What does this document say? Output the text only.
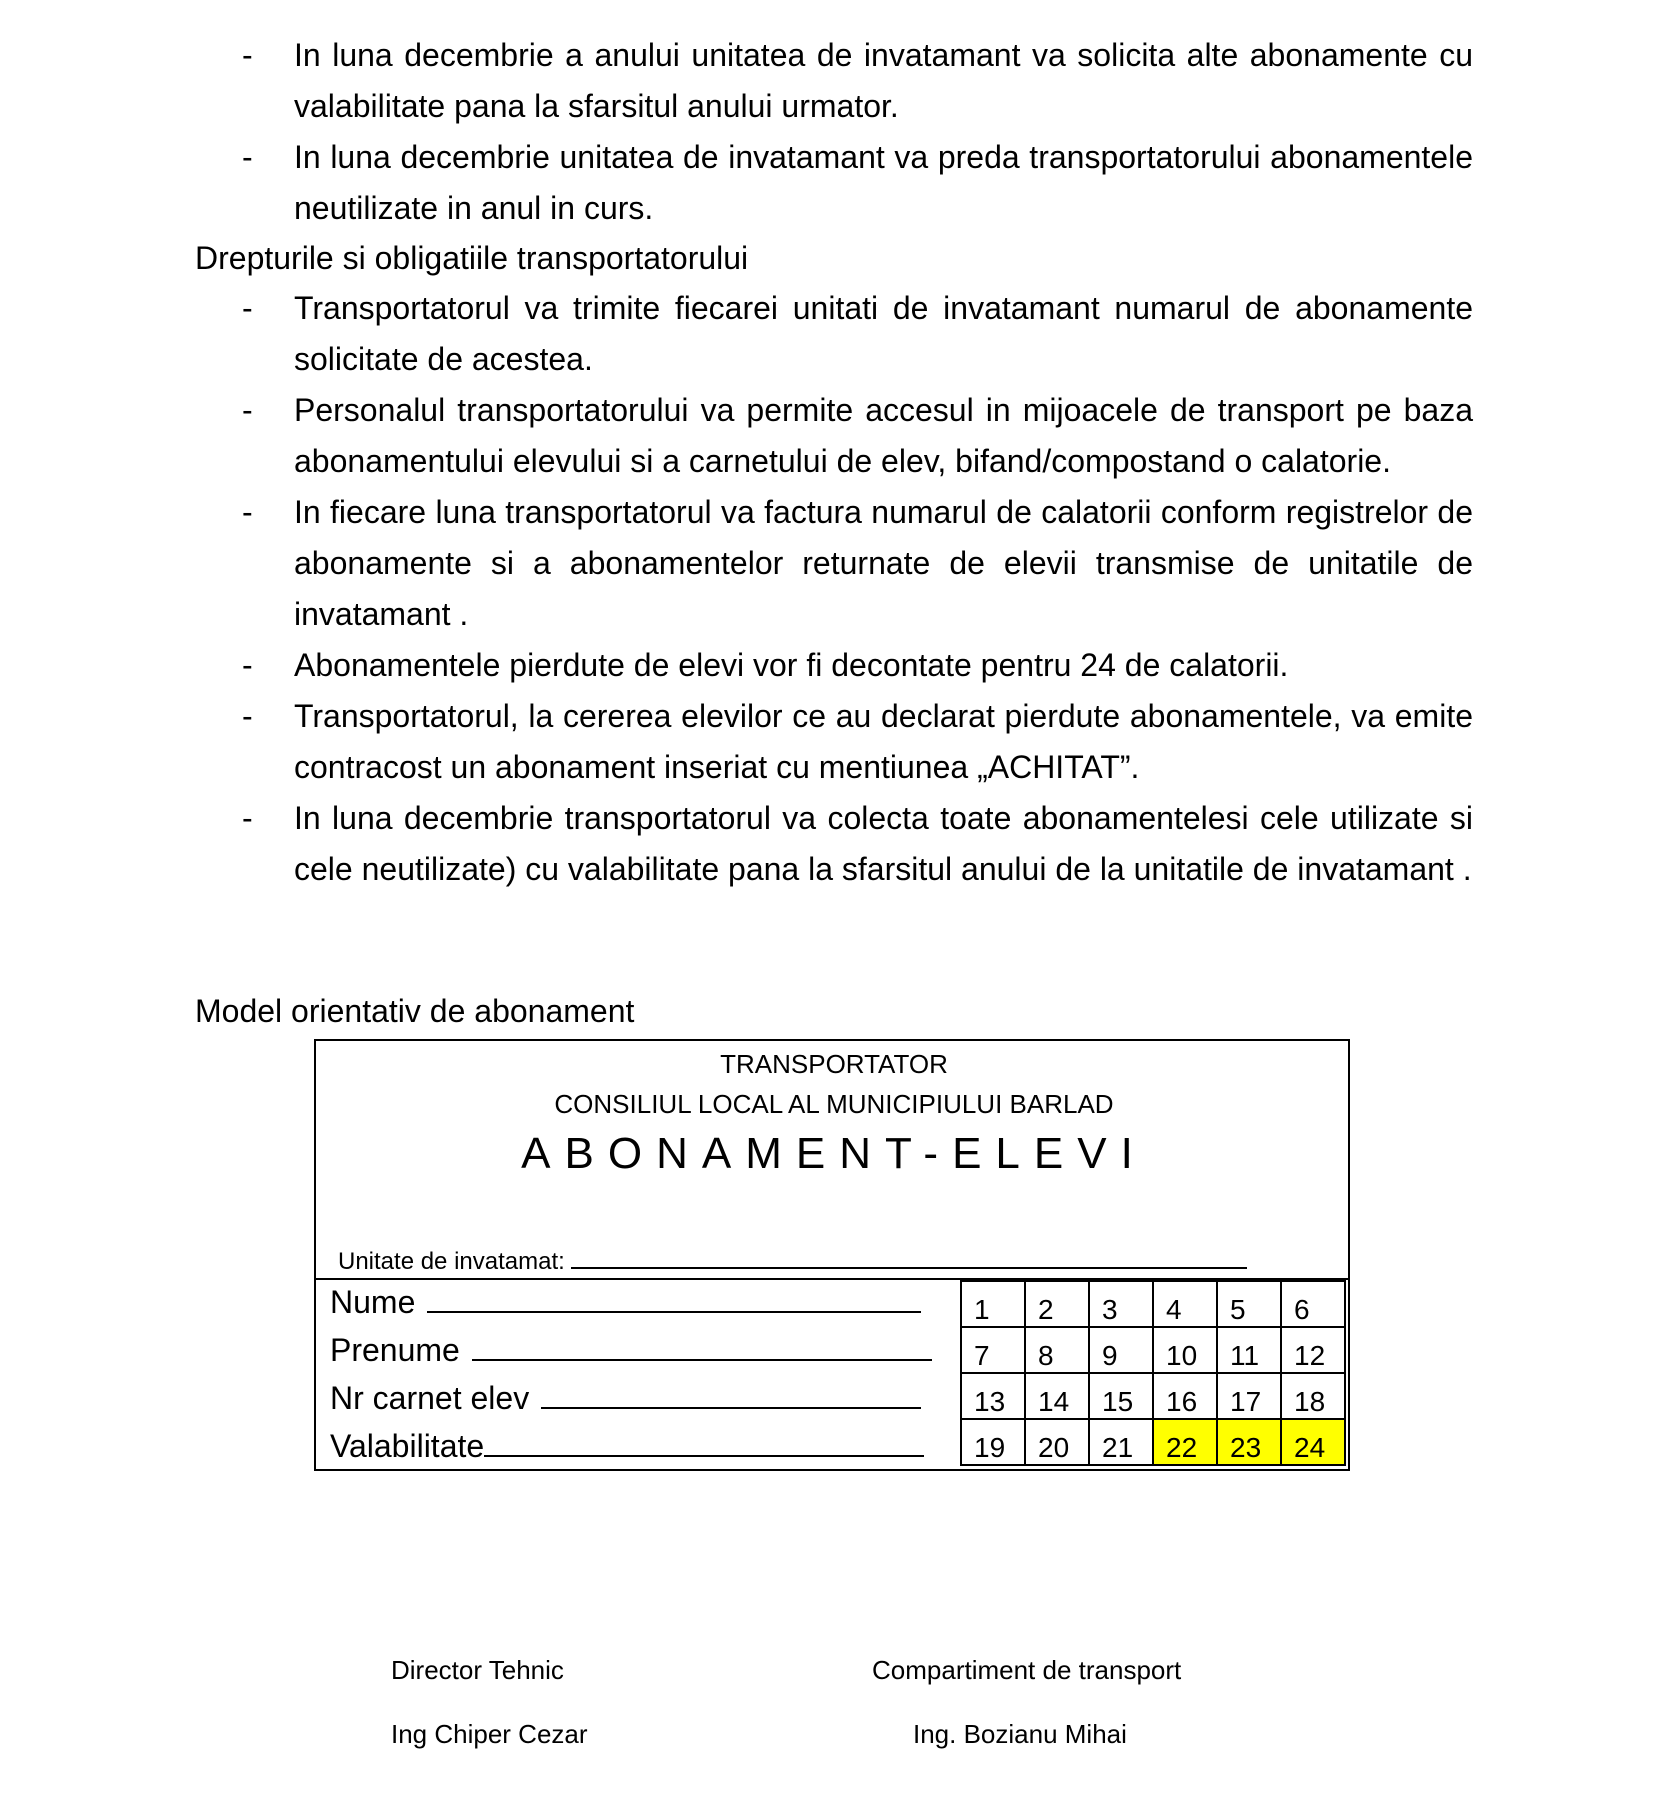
- In luna decembrie a anului unitatea de invatamant va solicita alte abonamente cu valabilitate pana la sfarsitul anului urmator.
- In luna decembrie unitatea de invatamant va preda transportatorului abonamentele neutilizate in anul in curs.
Drepturile si obligatiile transportatorului
- Transportatorul va trimite fiecarei unitati de invatamant numarul de abonamente solicitate de acestea.
- Personalul transportatorului va permite accesul in mijoacele de transport pe baza abonamentului elevului si a carnetului de elev, bifand/compostand o calatorie.
- In fiecare luna transportatorul va factura numarul de calatorii conform registrelor de abonamente si a abonamentelor returnate de elevii transmise de unitatile de invatamant .
- Abonamentele pierdute de elevi vor fi decontate pentru 24 de calatorii.
- Transportatorul, la cererea elevilor ce au declarat pierdute abonamentele, va emite contracost un abonament inseriat cu mentiunea „ACHITAT”.
- In luna decembrie transportatorul va colecta toate abonamentelesi cele utilizate si cele neutilizate) cu valabilitate pana la sfarsitul anului de la unitatile de invatamant .
Model orientativ de abonament
TRANSPORTATOR
CONSILIUL LOCAL AL MUNICIPIULUI BARLAD
ABONAMENT-ELEVI
Unitate de invatamat:
Nume
Prenume
Nr carnet elev
Valabilitate
1	2	3	4	5	6
7	8	9	10	11	12
13	14	15	16	17	18
19	20	21	22	23	24
Director Tehnic
Ing Chiper Cezar
Compartiment de transport
Ing. Bozianu Mihai
